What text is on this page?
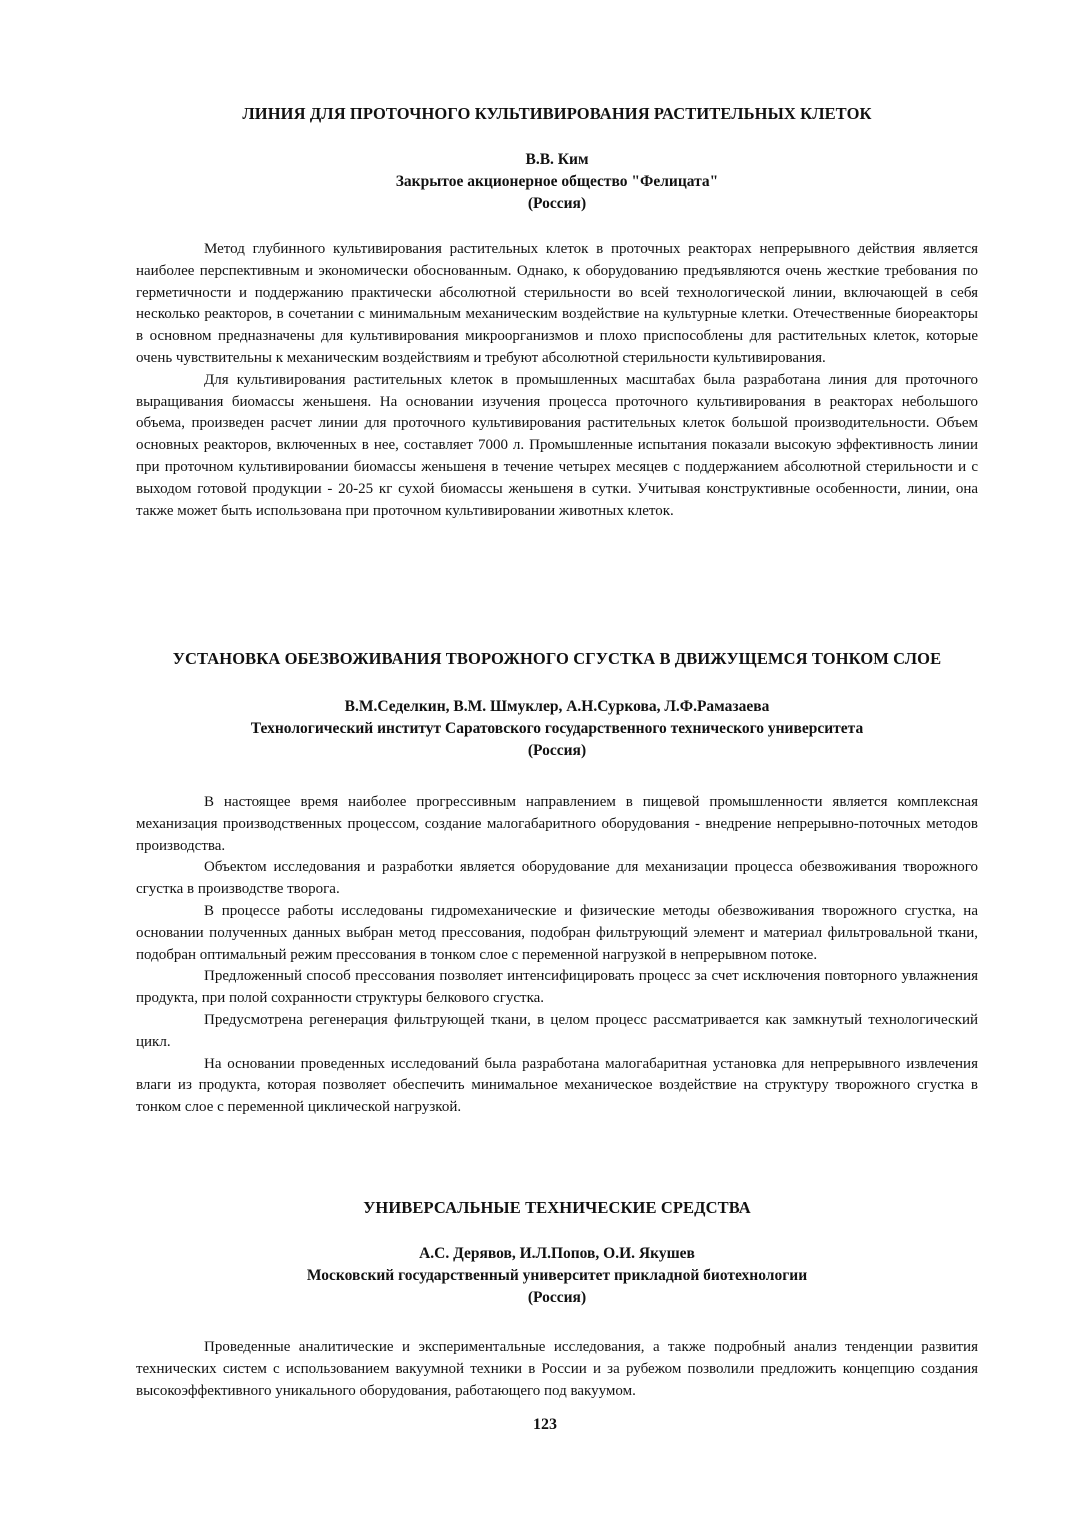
ЛИНИЯ ДЛЯ ПРОТОЧНОГО КУЛЬТИВИРОВАНИЯ РАСТИТЕЛЬНЫХ КЛЕТОК
В.В. Ким
Закрытое акционерное общество "Фелицата"
(Россия)

Метод глубинного культивирования растительных клеток в проточных реакторах непрерывного действия является наиболее перспективным и экономически обоснованным. Однако, к оборудованию предъявляются очень жесткие требования по герметичности и поддержанию практически абсолютной стерильности во всей технологической линии, включающей в себя несколько реакторов, в сочетании с минимальным механическим воздействие на культурные клетки. Отечественные биореакторы в основном предназначены для культивирования микроорганизмов и плохо приспособлены для растительных клеток, которые очень чувствительны к механическим воздействиям и требуют абсолютной стерильности культивирования.

Для культивирования растительных клеток в промышленных масштабах была разработана линия для проточного выращивания биомассы женьшеня. На основании изучения процесса проточного культивирования в реакторах небольшого объема, произведен расчет линии для проточного культивирования растительных клеток большой производительности. Объем основных реакторов, включенных в нее, составляет 7000 л. Промышленные испытания показали высокую эффективность линии при проточном культивировании биомассы женьшеня в течение четырех месяцев с поддержанием абсолютной стерильности и с выходом готовой продукции - 20-25 кг сухой биомассы женьшеня в сутки. Учитывая конструктивные особенности, линии, она также может быть использована при проточном культивировании животных клеток.

УСТАНОВКА ОБЕЗВОЖИВАНИЯ ТВОРОЖНОГО СГУСТКА В ДВИЖУЩЕМСЯ ТОНКОМ СЛОЕ
В.М.Седелкин, В.М. Шмуклер, А.Н.Суркова, Л.Ф.Рамазаева
Технологический институт Саратовского государственного технического университета
(Россия)

В настоящее время наиболее прогрессивным направлением в пищевой промышленности является комплексная механизация производственных процессом, создание малогабаритного оборудования - внедрение непрерывно-поточных методов производства.

Объектом исследования и разработки является оборудование для механизации процесса обезвоживания творожного сгустка в производстве творога.

В процессе работы исследованы гидромеханические и физические методы обезвоживания творожного сгустка, на основании полученных данных выбран метод прессования, подобран фильтрующий элемент и материал фильтровальной ткани, подобран оптимальный режим прессования в тонком слое с переменной нагрузкой в непрерывном потоке.

Предложенный способ прессования позволяет интенсифицировать процесс за счет исключения повторного увлажнения продукта, при полой сохранности структуры белкового сгустка.

Предусмотрена регенерация фильтрующей ткани, в целом процесс рассматривается как замкнутый технологический цикл.

На основании проведенных исследований была разработана малогабаритная установка для непрерывного извлечения влаги из продукта, которая позволяет обеспечить минимальное механическое воздействие на структуру творожного сгустка в тонком слое с переменной циклической нагрузкой.

УНИВЕРСАЛЬНЫЕ ТЕХНИЧЕСКИЕ СРЕДСТВА
А.С. Дерявов, И.Л.Попов, О.И. Якушев
Московский государственный университет прикладной биотехнологии
(Россия)

Проведенные аналитические и экспериментальные исследования, а также подробный анализ тенденции развития технических систем с использованием вакуумной техники в России и за рубежом позволили предложить концепцию создания высокоэффективного уникального оборудования, работающего под вакуумом.

123
